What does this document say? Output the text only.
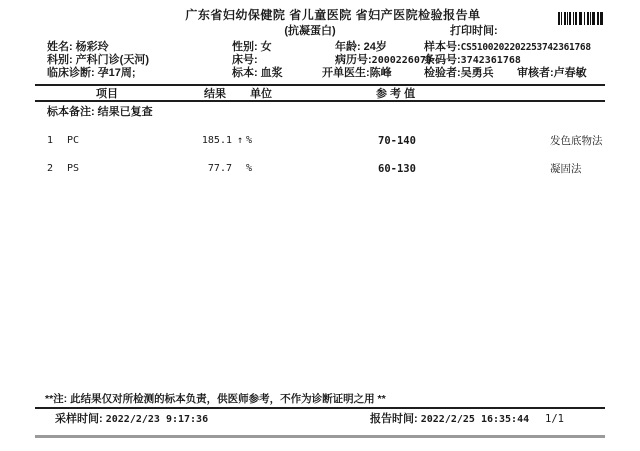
广东省妇幼保健院 省儿童医院 省妇产医院检验报告单
(抗凝蛋白)	打印时间:
姓名: 杨彩玲	性别: 女	年龄: 24岁	样本号:CS5100202202253742361768
科别: 产科门诊(天河)	床号:	病历号:2000226079
条码号:3742361768
临床诊断: 孕17周;	标本: 血浆	开单医生:陈峰	检验者:吴勇兵 审核者:卢春敏
项目	结果 单位	参 考 值
标本备注: 结果已复查
1 PC	185.1 ↑ %	70-140	发色底物法
2 PS	77.7 %	60-130	凝固法
**注: 此结果仅对所检测的标本负责，供医师参考，不作为诊断证明之用 **
采样时间: 2022/2/23 9:17:36	报告时间: 2022/2/25 16:35:44 1/1
